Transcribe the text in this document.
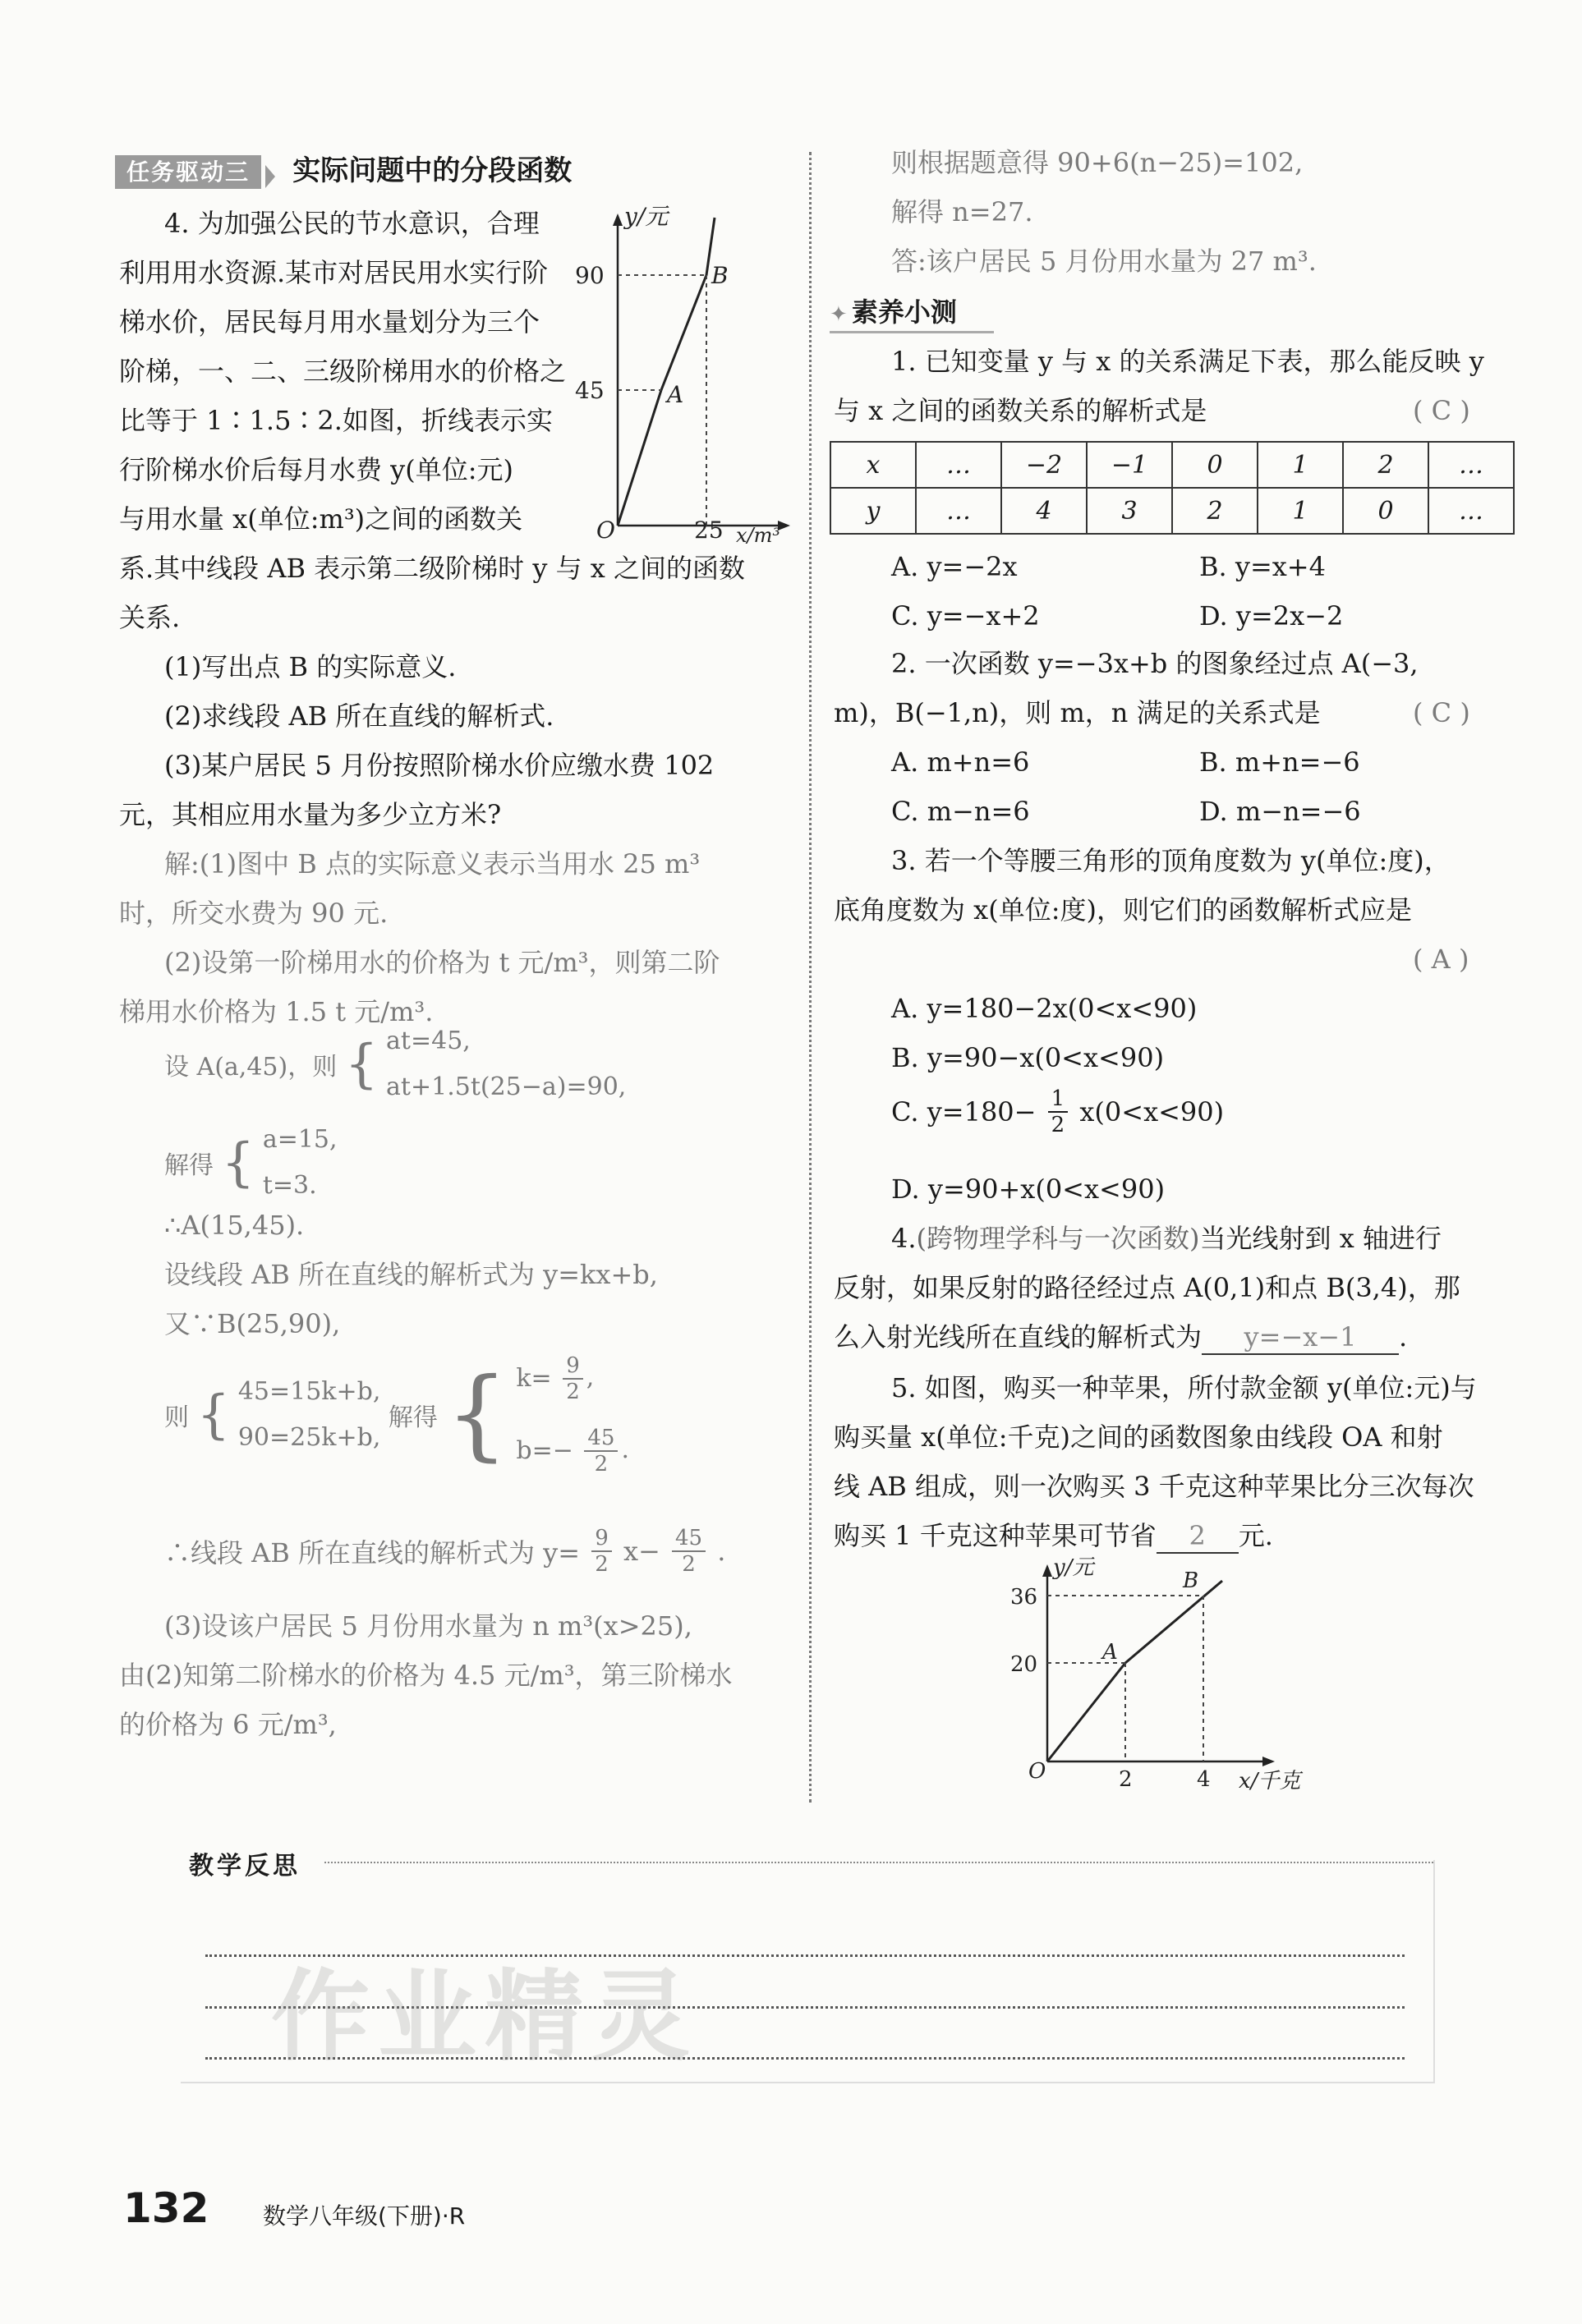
任务驱动三 实际问题中的分段函数
4. 为加强公民的节水意识，合理
利用用水资源.某市对居民用水实行阶
梯水价，居民每月用水量划分为三个
阶梯，一、二、三级阶梯用水的价格之
比等于 1∶1.5∶2.如图，折线表示实
行阶梯水价后每月水费 y(单位:元)
与用水量 x(单位:m³)之间的函数关
系.其中线段 AB 表示第二级阶梯时 y 与 x 之间的函数
关系.
(1)写出点 B 的实际意义.
(2)求线段 AB 所在直线的解析式.
(3)某户居民 5 月份按照阶梯水价应缴水费 102
元，其相应用水量为多少立方米?
y/元
90
45
25 x/m³
O
A
B
解:(1)图中 B 点的实际意义表示当用水 25 m³
时，所交水费为 90 元.
(2)设第一阶梯用水的价格为 t 元/m³，则第二阶
梯用水价格为 1.5 t 元/m³.
设 A(a,45)，则 { at=45,
at+1.5t(25−a)=90,
解得 { a=15,
t=3.
∴A(15,45).
设线段 AB 所在直线的解析式为 y=kx+b,
又∵B(25,90),
则 { 45=15k+b,
90=25k+b,
解得 { $k= \frac{9}{2}$ ,
$b=- \frac{45}{2}$ .
∴线段 AB 所在直线的解析式为 $y= \frac{9}{2} x- \frac{45}{2}$ .
(3)设该户居民 5 月份用水量为 n m³(x>25),
由(2)知第二阶梯水的价格为 4.5 元/m³，第三阶梯水
的价格为 6 元/m³,
则根据题意得 90+6(n−25)=102,
解得 n=27.
答:该户居民 5 月份用水量为 27 m³.
✦ 素养小测
1. 已知变量 y 与 x 的关系满足下表，那么能反映 y
与 x 之间的函数关系的解析式是	( C )
x	…	−2	−1	0	1	2	…
y	…	4	3	2	1	0	…
A. y=−2x	B. y=x+4
C. y=−x+2	D. y=2x−2
2. 一次函数 y=−3x+b 的图象经过点 A(−3,
m)，B(−1,n)，则 m，n 满足的关系式是	( C )
A. m+n=6	B. m+n=−6
C. m−n=6	D. m−n=−6
3. 若一个等腰三角形的顶角度数为 y(单位:度)，
底角度数为 x(单位:度)，则它们的函数解析式应是
( A )
A. y=180−2x(0<x<90)
B. y=90−x(0<x<90)
C. $y=180- \frac{1}{2} x(0<x<90)$
D. y=90+x(0<x<90)
4.(跨物理学科与一次函数)当光线射到 x 轴进行
反射，如果反射的路径经过点 A(0,1)和点 B(3,4)，那
么入射光线所在直线的解析式为 y=−x−1 .
5. 如图，购买一种苹果，所付款金额 y(单位:元)与
购买量 x(单位:千克)之间的函数图象由线段 OA 和射
线 AB 组成，则一次购买 3 千克这种苹果比分三次每次
购买 1 千克这种苹果可节省 2 元.
y/元
36
20
2	4 x/千克
O
A
B
教学反思
作业精灵
132 数学八年级(下册)·R
